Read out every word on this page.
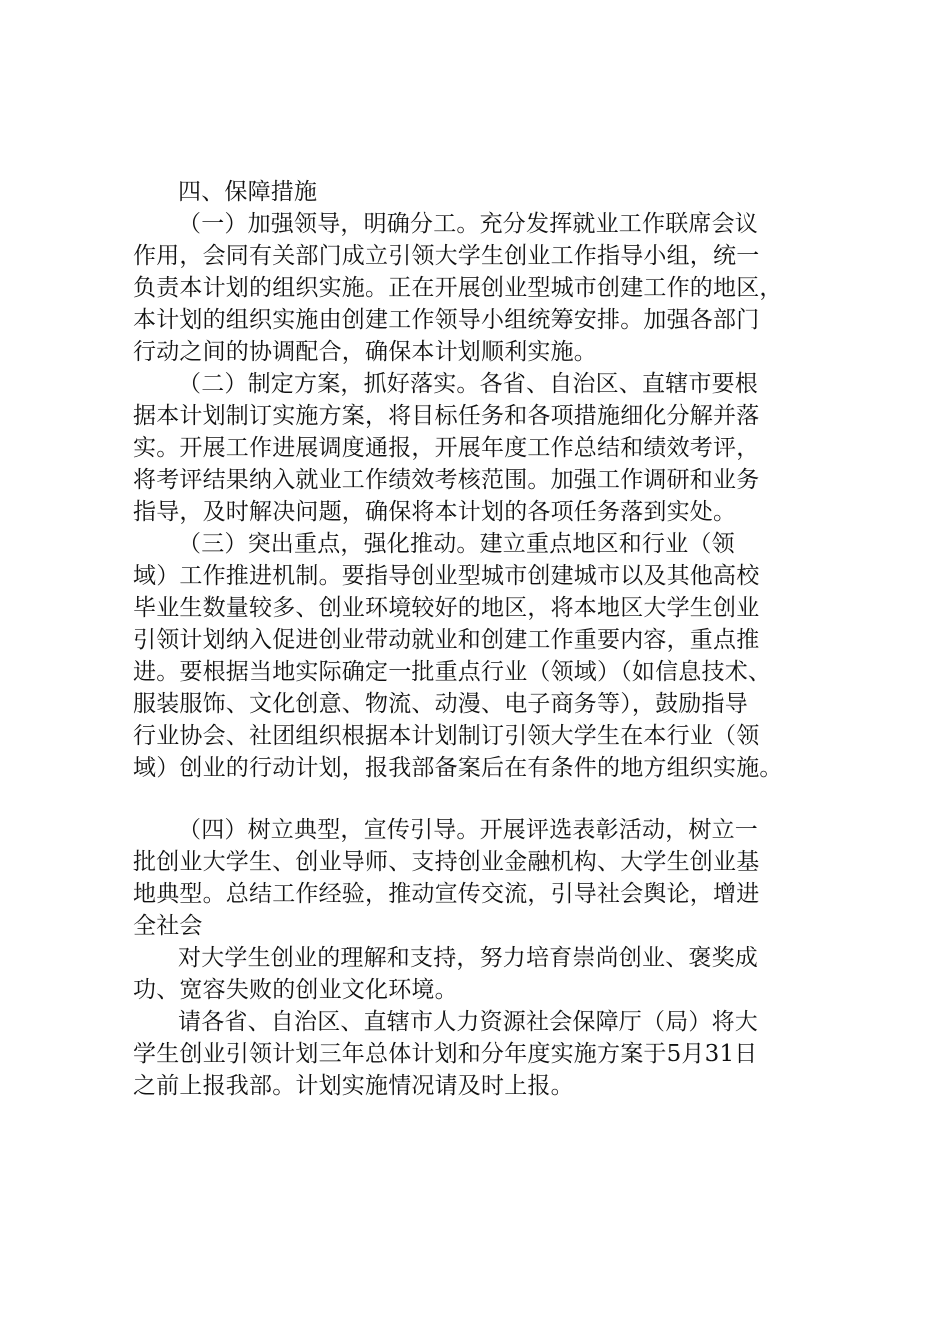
四、保障措施
（一）加强领导，明确分工。充分发挥就业工作联席会议
作用，会同有关部门成立引领大学生创业工作指导小组，统一
负责本计划的组织实施。正在开展创业型城市创建工作的地区，
本计划的组织实施由创建工作领导小组统筹安排。加强各部门
行动之间的协调配合，确保本计划顺利实施。
（二）制定方案，抓好落实。各省、自治区、直辖市要根
据本计划制订实施方案，将目标任务和各项措施细化分解并落
实。开展工作进展调度通报，开展年度工作总结和绩效考评，
将考评结果纳入就业工作绩效考核范围。加强工作调研和业务
指导，及时解决问题，确保将本计划的各项任务落到实处。
（三）突出重点，强化推动。建立重点地区和行业（领
域）工作推进机制。要指导创业型城市创建城市以及其他高校
毕业生数量较多、创业环境较好的地区，将本地区大学生创业
引领计划纳入促进创业带动就业和创建工作重要内容，重点推
进。要根据当地实际确定一批重点行业（领域）（如信息技术、
服装服饰、文化创意、物流、动漫、电子商务等），鼓励指导
行业协会、社团组织根据本计划制订引领大学生在本行业（领
域）创业的行动计划，报我部备案后在有条件的地方组织实施。
（四）树立典型，宣传引导。开展评选表彰活动，树立一
批创业大学生、创业导师、支持创业金融机构、大学生创业基
地典型。总结工作经验，推动宣传交流，引导社会舆论，增进
全社会
对大学生创业的理解和支持，努力培育崇尚创业、褒奖成
功、宽容失败的创业文化环境。
请各省、自治区、直辖市人力资源社会保障厅（局）将大
学生创业引领计划三年总体计划和分年度实施方案于5月31日
之前上报我部。计划实施情况请及时上报。
